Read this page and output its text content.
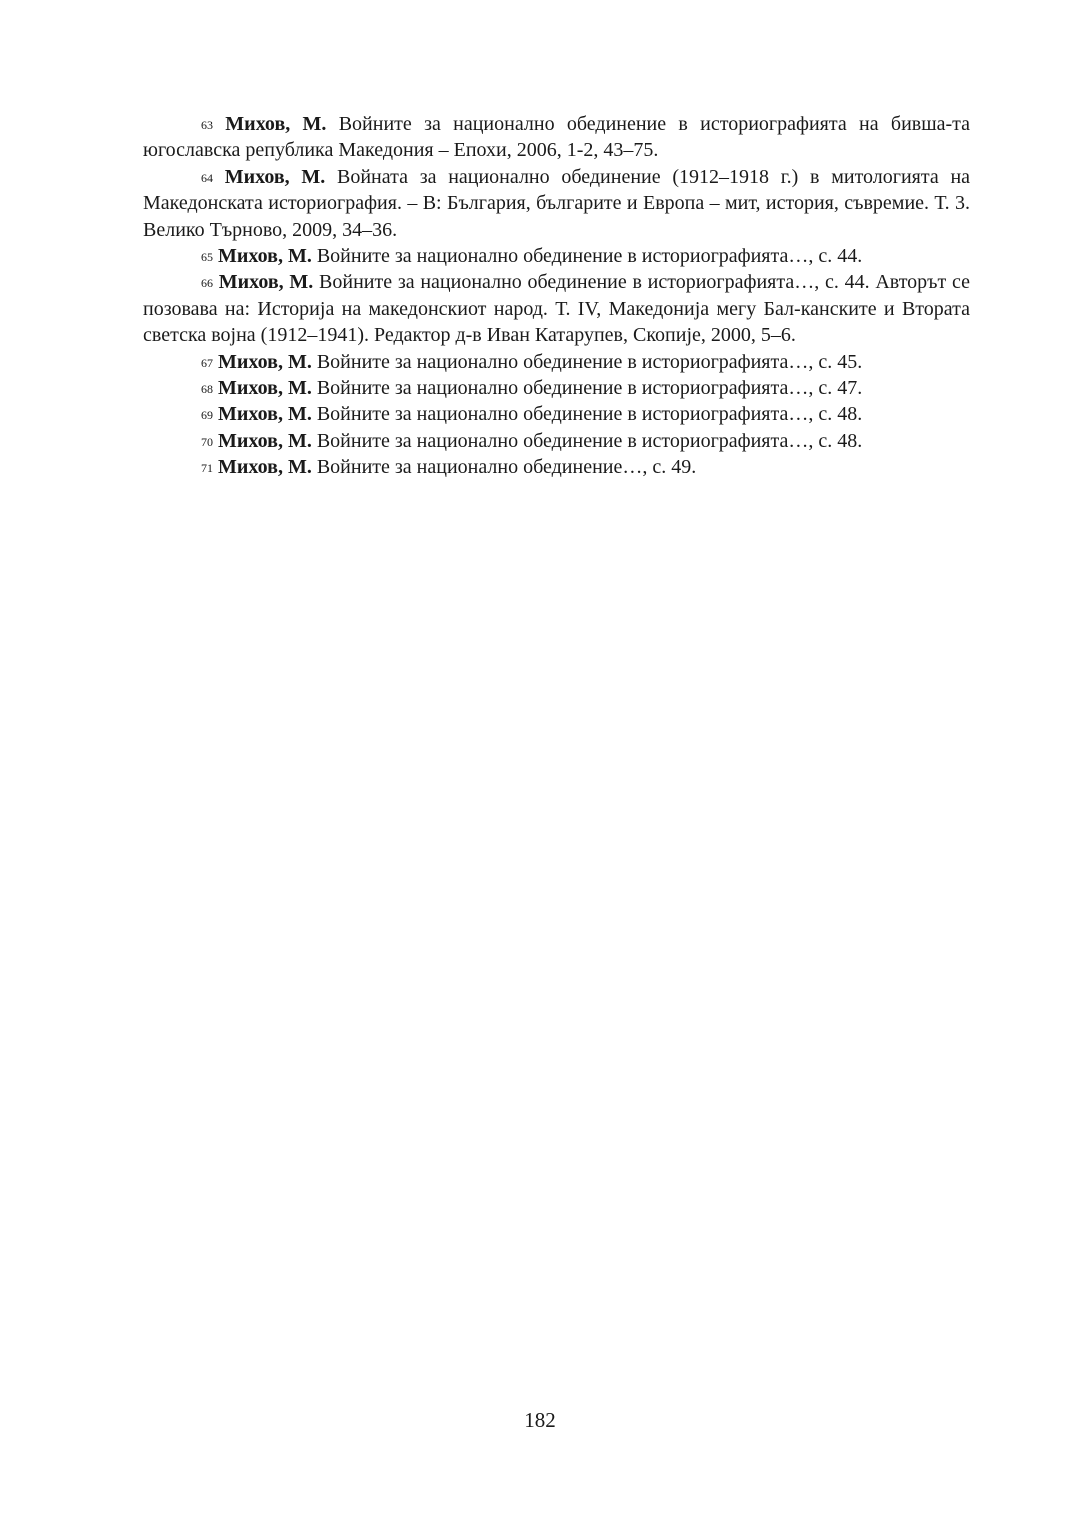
$^{63}$ Михов, М. Войните за национално обединение в историографията на бивша-та югославска република Македония – Епохи, 2006, 1-2, 43–75.

$^{64}$ Михов, М. Войната за национално обединение (1912–1918 г.) в митологията на Македонската историография. – В: България, българите и Европа – мит, история, съвремие. Т. 3. Велико Търново, 2009, 34–36.

$^{65}$ Михов, М. Войните за национално обединение в историографията…, с. 44.

$^{66}$ Михов, М. Войните за национално обединение в историографията…, с. 44. Авторът се позовава на: Историја на македонскиот народ. Т. IV, Македонија мегу Бал-канските и Втората светска војна (1912–1941). Редактор д-в Иван Катарупев, Скопије, 2000, 5–6.

$^{67}$ Михов, М. Войните за национално обединение в историографията…, с. 45.

$^{68}$ Михов, М. Войните за национално обединение в историографията…, с. 47.

$^{69}$ Михов, М. Войните за национално обединение в историографията…, с. 48.

$^{70}$ Михов, М. Войните за национално обединение в историографията…, с. 48.

$^{71}$ Михов, М. Войните за национално обединение…, с. 49.

182
